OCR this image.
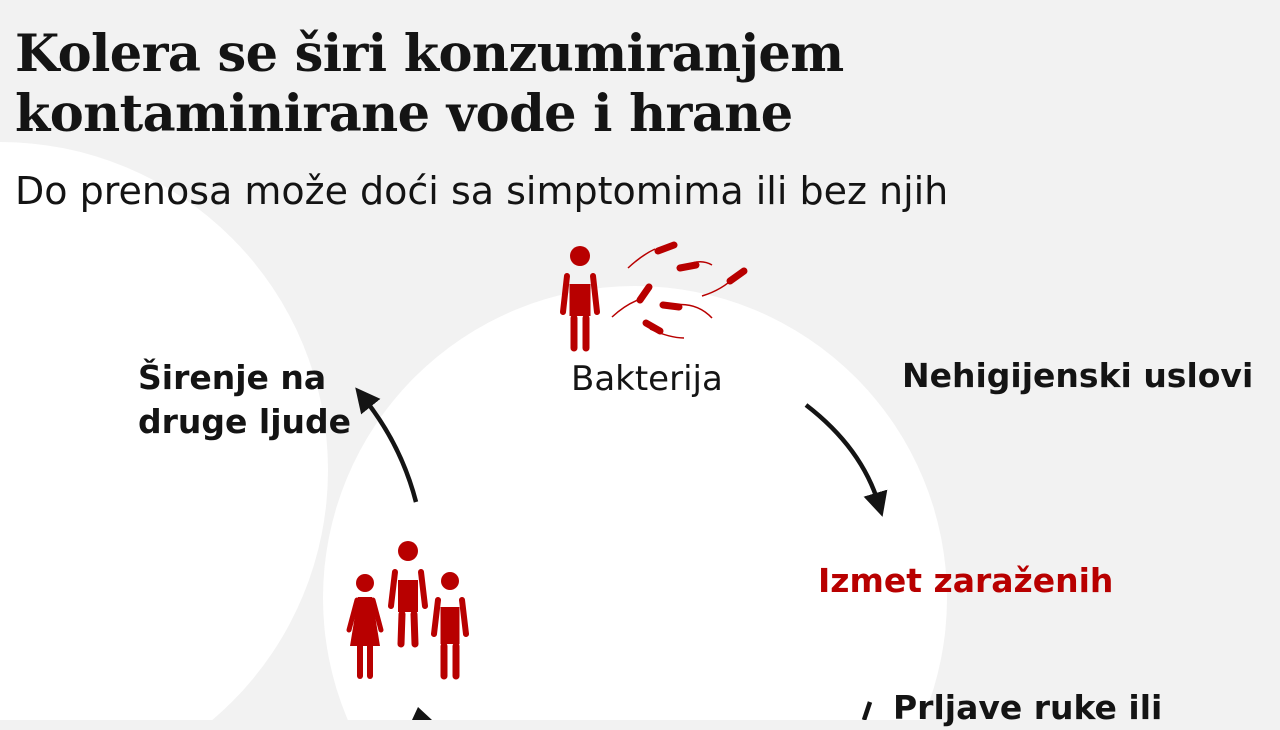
Kolera se širi konzumiranjem kontaminirane vode i hrane
Do prenosa može doći sa simptomima ili bez njih
Širenje na
druge ljude
Bakterija	Nehigijenski uslovi
Izmet zaraženih
Prljave ruke ili
